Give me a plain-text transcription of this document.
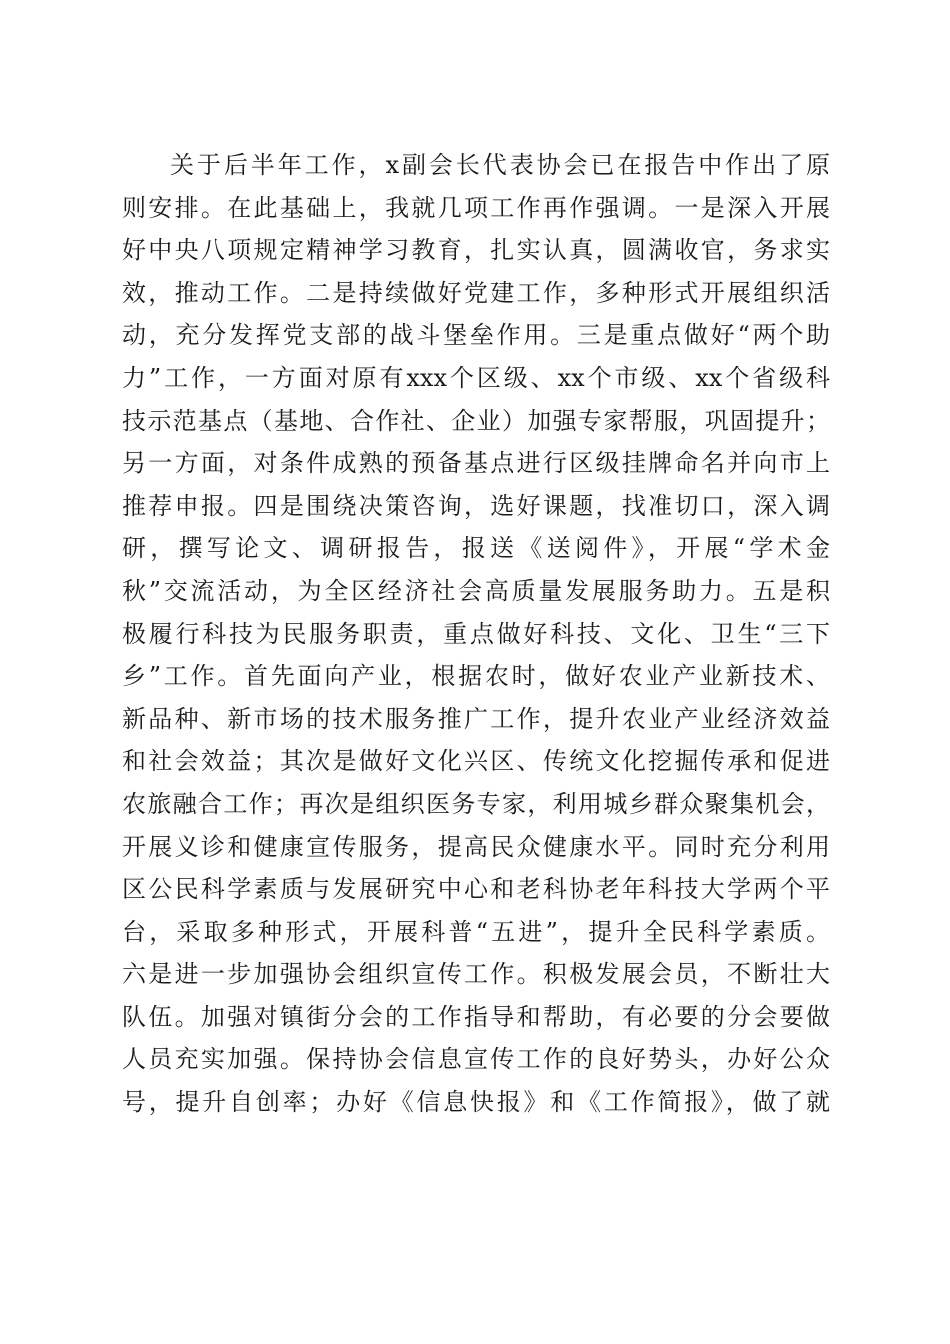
关于后半年工作，x副会长代表协会已在报告中作出了原
则安排。在此基础上，我就几项工作再作强调。一是深入开展
好中央八项规定精神学习教育，扎实认真，圆满收官，务求实
效，推动工作。二是持续做好党建工作，多种形式开展组织活
动，充分发挥党支部的战斗堡垒作用。三是重点做好“两个助
力”工作，一方面对原有xxx个区级、xx个市级、xx个省级科
技示范基点（基地、合作社、企业）加强专家帮服，巩固提升；
另一方面，对条件成熟的预备基点进行区级挂牌命名并向市上
推荐申报。四是围绕决策咨询，选好课题，找准切口，深入调
研，撰写论文、调研报告，报送《送阅件》，开展“学术金
秋”交流活动，为全区经济社会高质量发展服务助力。五是积
极履行科技为民服务职责，重点做好科技、文化、卫生“三下
乡”工作。首先面向产业，根据农时，做好农业产业新技术、
新品种、新市场的技术服务推广工作，提升农业产业经济效益
和社会效益；其次是做好文化兴区、传统文化挖掘传承和促进
农旅融合工作；再次是组织医务专家，利用城乡群众聚集机会，
开展义诊和健康宣传服务，提高民众健康水平。同时充分利用
区公民科学素质与发展研究中心和老科协老年科技大学两个平
台，采取多种形式，开展科普“五进”，提升全民科学素质。
六是进一步加强协会组织宣传工作。积极发展会员，不断壮大
队伍。加强对镇街分会的工作指导和帮助，有必要的分会要做
人员充实加强。保持协会信息宣传工作的良好势头，办好公众
号，提升自创率；办好《信息快报》和《工作简报》，做了就
